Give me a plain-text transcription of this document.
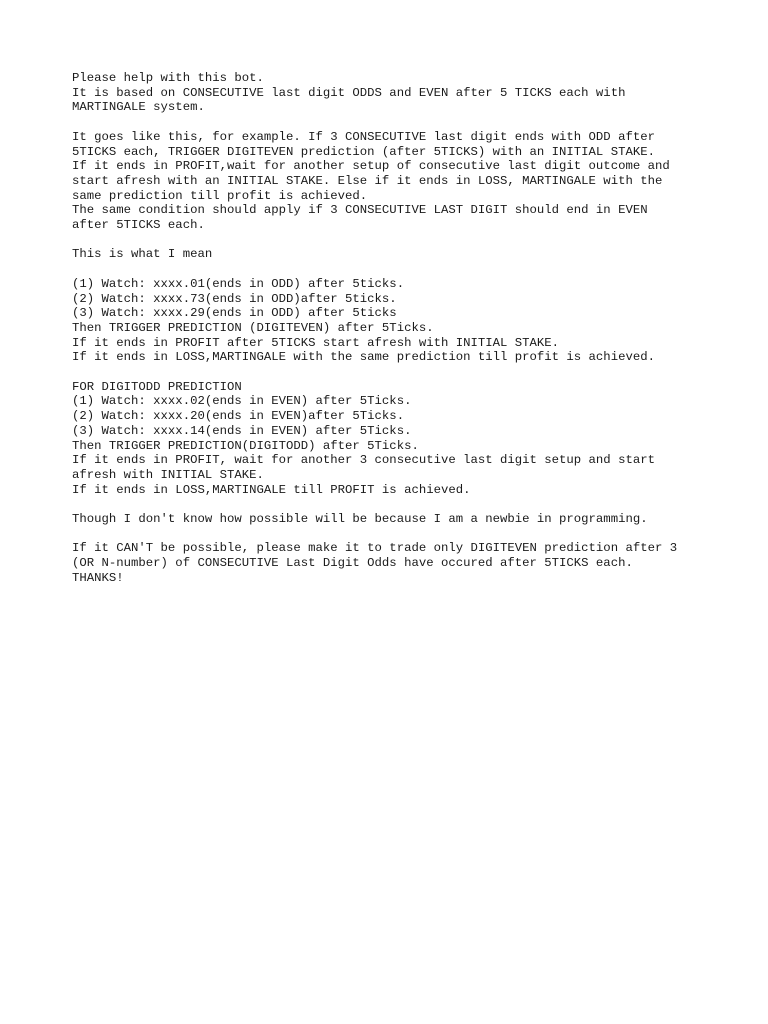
Please help with this bot.
It is based on CONSECUTIVE last digit ODDS and EVEN after 5 TICKS each with
MARTINGALE system.
It goes like this, for example. If 3 CONSECUTIVE last digit ends with ODD after
5TICKS each, TRIGGER DIGITEVEN prediction (after 5TICKS) with an INITIAL STAKE.
If it ends in PROFIT,wait for another setup of consecutive last digit outcome and
start afresh with an INITIAL STAKE. Else if it ends in LOSS, MARTINGALE with the
same prediction till profit is achieved.
The same condition should apply if 3 CONSECUTIVE LAST DIGIT should end in EVEN
after 5TICKS each.
This is what I mean
(1) Watch: xxxx.01(ends in ODD) after 5ticks.
(2) Watch: xxxx.73(ends in ODD)after 5ticks.
(3) Watch: xxxx.29(ends in ODD) after 5ticks
Then TRIGGER PREDICTION (DIGITEVEN) after 5Ticks.
If it ends in PROFIT after 5TICKS start afresh with INITIAL STAKE.
If it ends in LOSS,MARTINGALE with the same prediction till profit is achieved.
FOR DIGITODD PREDICTION
(1) Watch: xxxx.02(ends in EVEN) after 5Ticks.
(2) Watch: xxxx.20(ends in EVEN)after 5Ticks.
(3) Watch: xxxx.14(ends in EVEN) after 5Ticks.
Then TRIGGER PREDICTION(DIGITODD) after 5Ticks.
If it ends in PROFIT, wait for another 3 consecutive last digit setup and start
afresh with INITIAL STAKE.
If it ends in LOSS,MARTINGALE till PROFIT is achieved.
Though I don't know how possible will be because I am a newbie in programming.
If it CAN'T be possible, please make it to trade only DIGITEVEN prediction after 3
(OR N-number) of CONSECUTIVE Last Digit Odds have occured after 5TICKS each.
THANKS!
